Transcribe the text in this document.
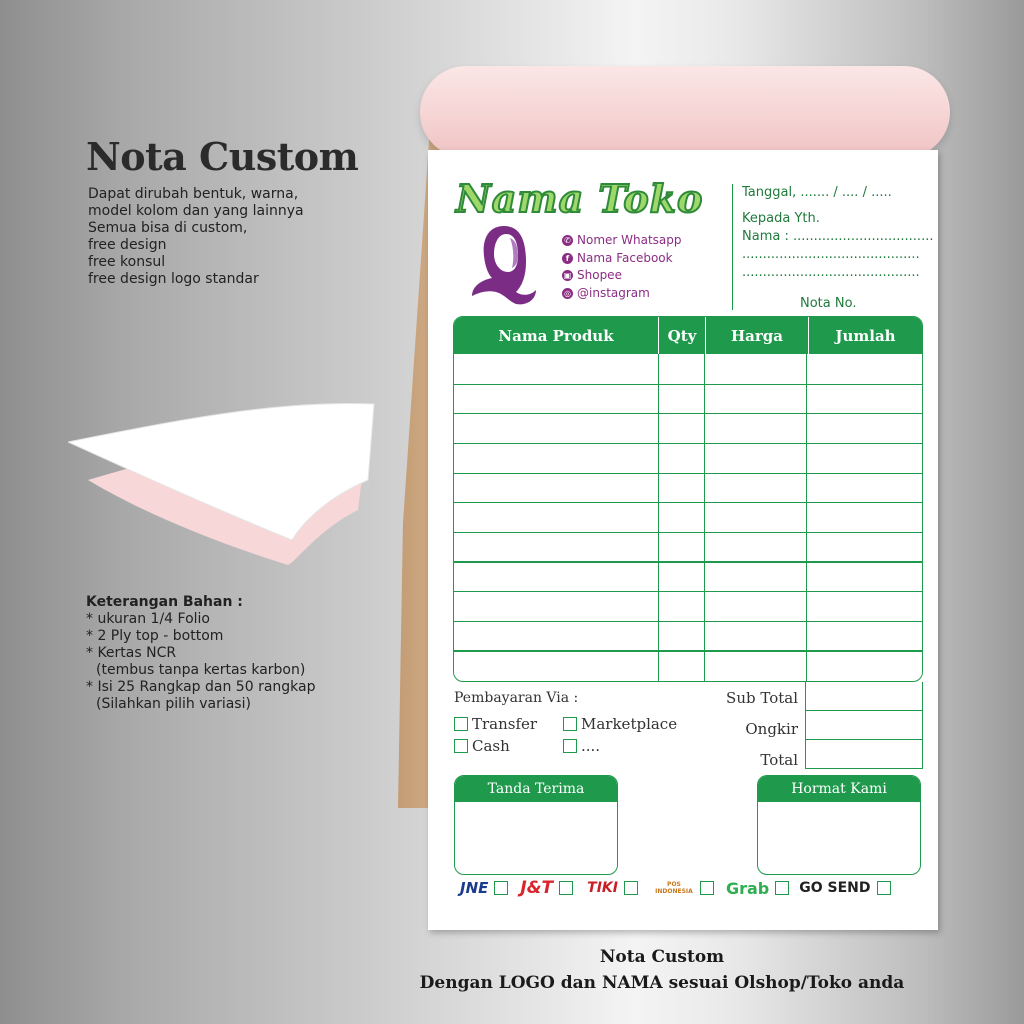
Nota Custom
Dapat dirubah bentuk, warna,
model kolom dan yang lainnya
Semua bisa di custom,
free design
free konsul
free design logo standar
Keterangan Bahan :
* ukuran 1/4 Folio
* 2 Ply top - bottom
* Kertas NCR
(tembus tanpa kertas karbon)
* Isi 25 Rangkap dan 50 rangkap
(Silahkan pilih variasi)
Nama Toko
✆ Nomer Whatsapp
f Nama Facebook
▣ Shopee
◎ @instagram
Tanggal, ....... / .... / .....
Kepada Yth.
Nama : ..................................
...........................................
...........................................
Nota No.
Nama Produk	Qty	Harga	Jumlah
Pembayaran Via :
Transfer	Marketplace
Cash	....
Sub Total
Ongkir
Total
Tanda Terima	Hormat Kami
JNE J&T TIKI	POS INDONESIA Grab GO SEND
Nota Custom
Dengan LOGO dan NAMA sesuai Olshop/Toko anda
